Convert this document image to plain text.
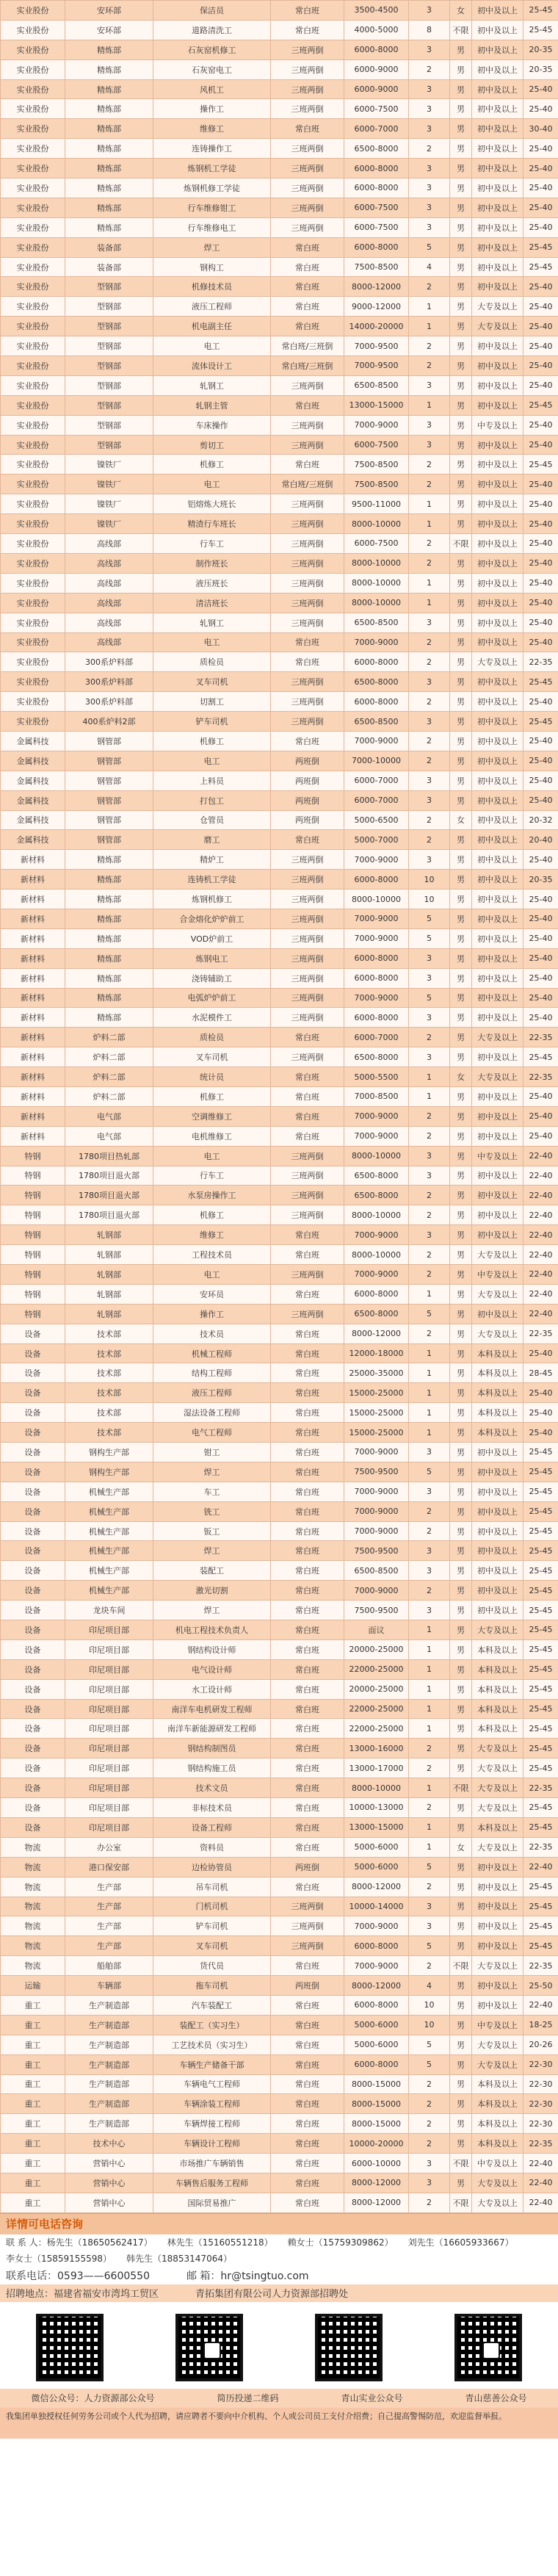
实业股份	安环部	保洁员	常白班	3500-4500	3	女	初中及以上	25-45
实业股份	安环部	道路清洗工	常白班	4000-5000	8	不限	初中及以上	25-45
实业股份	精炼部	石灰窑机修工	三班两倒	6000-8000	3	男	初中及以上	20-35
实业股份	精炼部	石灰窑电工	三班两倒	6000-9000	2	男	初中及以上	20-35
实业股份	精炼部	风机工	三班两倒	6000-9000	3	男	初中及以上	25-40
实业股份	精炼部	操作工	三班两倒	6000-7500	3	男	初中及以上	25-40
实业股份	精炼部	维修工	常白班	6000-7000	3	男	初中及以上	30-40
实业股份	精炼部	连铸操作工	三班两倒	6500-8000	2	男	初中及以上	25-40
实业股份	精炼部	炼钢机工学徒	三班两倒	6000-8000	3	男	初中及以上	25-40
实业股份	精炼部	炼钢机修工学徒	三班两倒	6000-8000	3	男	初中及以上	25-40
实业股份	精炼部	行车维修钳工	三班两倒	6000-7500	3	男	初中及以上	25-40
实业股份	精炼部	行车维修电工	三班两倒	6000-7500	3	男	初中及以上	25-40
实业股份	装备部	焊工	常白班	6000-8000	5	男	初中及以上	25-45
实业股份	装备部	钢构工	常白班	7500-8500	4	男	初中及以上	25-45
实业股份	型钢部	机修技术员	常白班	8000-12000	2	男	初中及以上	25-40
实业股份	型钢部	液压工程师	常白班	9000-12000	1	男	大专及以上	25-40
实业股份	型钢部	机电副主任	常白班	14000-20000	1	男	大专及以上	25-40
实业股份	型钢部	电工	常白班/三班倒	7000-9500	2	男	初中及以上	25-40
实业股份	型钢部	流体设计工	常白班/三班倒	7000-9500	2	男	初中及以上	25-40
实业股份	型钢部	轧钢工	三班两倒	6500-8500	3	男	初中及以上	25-40
实业股份	型钢部	轧钢主管	常白班	13000-15000	1	男	初中及以上	25-45
实业股份	型钢部	车床操作	三班两倒	7000-9000	3	男	中专及以上	25-40
实业股份	型钢部	剪切工	三班两倒	6000-7500	3	男	初中及以上	25-40
实业股份	镍铁厂	机修工	常白班	7500-8500	2	男	初中及以上	25-45
实业股份	镍铁厂	电工	常白班/三班倒	7500-8500	2	男	初中及以上	25-40
实业股份	镍铁厂	铝熔炼大班长	三班两倒	9500-11000	1	男	初中及以上	25-40
实业股份	镍铁厂	精渣行车班长	三班两倒	8000-10000	1	男	初中及以上	25-40
实业股份	高线部	行车工	三班两倒	6000-7500	2	不限	初中及以上	25-40
实业股份	高线部	制作班长	三班两倒	8000-10000	2	男	初中及以上	25-40
实业股份	高线部	液压班长	三班两倒	8000-10000	1	男	初中及以上	25-40
实业股份	高线部	清洁班长	三班两倒	8000-10000	1	男	初中及以上	25-40
实业股份	高线部	轧钢工	三班两倒	6500-8500	3	男	初中及以上	25-40
实业股份	高线部	电工	常白班	7000-9000	2	男	初中及以上	25-40
实业股份	300系炉料部	质检员	常白班	6000-8000	2	男	大专及以上	22-35
实业股份	300系炉料部	叉车司机	三班两倒	6500-8000	3	男	初中及以上	25-45
实业股份	300系炉料部	切割工	三班两倒	6000-8000	2	男	初中及以上	25-40
实业股份	400系炉料2部	铲车司机	三班两倒	6500-8500	3	男	初中及以上	25-45
金属科技	钢管部	机修工	常白班	7000-9000	2	男	初中及以上	25-40
金属科技	钢管部	电工	两班倒	7000-10000	2	男	初中及以上	25-40
金属科技	钢管部	上料员	两班倒	6000-7000	3	男	初中及以上	25-40
金属科技	钢管部	打包工	两班倒	6000-7000	3	男	初中及以上	25-40
金属科技	钢管部	仓管员	两班倒	5000-6500	2	女	初中及以上	20-32
金属科技	钢管部	磨工	常白班	5000-7000	2	男	初中及以上	20-40
新材料	精炼部	精炉工	三班两倒	7000-9000	3	男	初中及以上	25-40
新材料	精炼部	连铸机工学徒	三班两倒	6000-8000	10	男	初中及以上	20-35
新材料	精炼部	炼钢机修工	三班两倒	8000-10000	10	男	初中及以上	25-40
新材料	精炼部	合金熔化炉炉前工	三班两倒	7000-9000	5	男	初中及以上	25-40
新材料	精炼部	VOD炉前工	三班两倒	7000-9000	5	男	初中及以上	25-40
新材料	精炼部	炼钢电工	三班两倒	6000-8000	3	男	初中及以上	25-40
新材料	精炼部	浇铸辅助工	三班两倒	6000-8000	3	男	初中及以上	25-40
新材料	精炼部	电弧炉炉前工	三班两倒	7000-9000	5	男	初中及以上	25-40
新材料	精炼部	水泥模件工	三班两倒	6000-8000	3	男	初中及以上	25-40
新材料	炉料二部	质检员	常白班	6000-7000	2	男	大专及以上	22-35
新材料	炉料二部	叉车司机	三班两倒	6500-8000	3	男	初中及以上	25-45
新材料	炉料二部	统计员	常白班	5000-5500	1	女	大专及以上	22-35
新材料	炉料二部	机修工	常白班	7000-8500	1	男	初中及以上	25-40
新材料	电气部	空调维修工	常白班	7000-9000	2	男	初中及以上	25-40
新材料	电气部	电机维修工	常白班	7000-9000	2	男	初中及以上	25-40
特钢	1780项目热轧部	电工	三班两倒	8000-10000	3	男	中专及以上	22-40
特钢	1780项目退火部	行车工	三班两倒	6500-8000	3	男	初中及以上	22-40
特钢	1780项目退火部	水泵房操作工	三班两倒	6500-8000	2	男	初中及以上	22-40
特钢	1780项目退火部	机修工	三班两倒	8000-10000	2	男	初中及以上	22-40
特钢	轧钢部	维修工	常白班	7000-9000	3	男	初中及以上	22-40
特钢	轧钢部	工程技术员	常白班	8000-10000	2	男	大专及以上	22-40
特钢	轧钢部	电工	三班两倒	7000-9000	2	男	中专及以上	22-40
特钢	轧钢部	安环员	常白班	6000-8000	1	男	大专及以上	22-40
特钢	轧钢部	操作工	三班两倒	6500-8000	5	男	初中及以上	22-40
设备	技术部	技术员	常白班	8000-12000	2	男	大专及以上	22-35
设备	技术部	机械工程师	常白班	12000-18000	1	男	本科及以上	25-40
设备	技术部	结构工程师	常白班	25000-35000	1	男	本科及以上	28-45
设备	技术部	液压工程师	常白班	15000-25000	1	男	本科及以上	25-40
设备	技术部	湿法设备工程师	常白班	15000-25000	1	男	本科及以上	25-40
设备	技术部	电气工程师	常白班	15000-25000	1	男	本科及以上	25-40
设备	钢构生产部	钳工	常白班	7000-9000	3	男	初中及以上	25-45
设备	钢构生产部	焊工	常白班	7500-9500	5	男	初中及以上	25-45
设备	机械生产部	车工	常白班	7000-9000	3	男	初中及以上	25-45
设备	机械生产部	铣工	常白班	7000-9000	2	男	初中及以上	25-45
设备	机械生产部	钣工	常白班	7000-9000	2	男	初中及以上	25-45
设备	机械生产部	焊工	常白班	7500-9500	3	男	初中及以上	25-45
设备	机械生产部	装配工	常白班	6500-8500	3	男	初中及以上	25-45
设备	机械生产部	激光切割	常白班	7000-9000	2	男	初中及以上	25-45
设备	龙块车间	焊工	常白班	7500-9500	3	男	初中及以上	25-45
设备	印尼项目部	机电工程技术负责人	常白班	面议	1	男	大专及以上	25-45
设备	印尼项目部	钢结构设计师	常白班	20000-25000	1	男	本科及以上	25-45
设备	印尼项目部	电气设计师	常白班	22000-25000	1	男	本科及以上	25-45
设备	印尼项目部	水工设计师	常白班	20000-25000	1	男	本科及以上	25-45
设备	印尼项目部	南洋车电机研发工程师	常白班	22000-25000	1	男	本科及以上	25-45
设备	印尼项目部	南洋车新能源研发工程师	常白班	22000-25000	1	男	本科及以上	25-45
设备	印尼项目部	钢结构制图员	常白班	13000-16000	2	男	大专及以上	25-45
设备	印尼项目部	钢结构施工员	常白班	13000-17000	2	男	大专及以上	25-45
设备	印尼项目部	技术文员	常白班	8000-10000	1	不限	大专及以上	22-35
设备	印尼项目部	非标技术员	常白班	10000-13000	2	男	大专及以上	25-45
设备	印尼项目部	设备工程师	常白班	13000-15000	1	男	本科及以上	25-45
物流	办公室	资料员	常白班	5000-6000	1	女	大专及以上	22-35
物流	港口保安部	边检协管员	两班倒	5000-6000	5	男	初中及以上	22-40
物流	生产部	吊车司机	常白班	8000-12000	2	男	初中及以上	25-45
物流	生产部	门机司机	三班两倒	10000-14000	3	男	初中及以上	25-45
物流	生产部	铲车司机	三班两倒	7000-9000	3	男	初中及以上	25-45
物流	生产部	叉车司机	三班两倒	6000-8000	5	男	初中及以上	25-45
物流	船舶部	货代员	常白班	7000-9000	2	不限	大专及以上	22-35
运输	车辆部	拖车司机	两班倒	8000-12000	4	男	初中及以上	25-50
重工	生产制造部	汽车装配工	常白班	6000-8000	10	男	初中及以上	22-40
重工	生产制造部	装配工（实习生）	常白班	5000-6000	10	男	中专及以上	18-25
重工	生产制造部	工艺技术员（实习生）	常白班	5000-6000	5	男	大专及以上	20-26
重工	生产制造部	车辆生产储备干部	常白班	6000-8000	5	男	大专及以上	22-30
重工	生产制造部	车辆电气工程师	常白班	8000-15000	2	男	本科及以上	22-30
重工	生产制造部	车辆涂装工程师	常白班	8000-15000	2	男	本科及以上	22-30
重工	生产制造部	车辆焊接工程师	常白班	8000-15000	2	男	本科及以上	22-30
重工	技术中心	车辆设计工程师	常白班	10000-20000	2	男	本科及以上	22-35
重工	营销中心	市场推广车辆销售	常白班	6000-10000	3	不限	中专及以上	22-40
重工	营销中心	车辆售后服务工程师	常白班	8000-12000	3	男	大专及以上	22-40
重工	营销中心	国际贸易推广	常白班	8000-12000	2	不限	大专及以上	22-40
详情可电话咨询
联 系 人：杨先生（18650562417） 林先生（15160551218） 赖女士（15759309862） 刘先生（16605933667）
李女士（15859155598） 韩先生（18853147064）
联系电话：0593——6600550	邮 箱：hr@tsingtuo.com
招聘地点：福建省福安市湾坞工贸区	青拓集团有限公司人力资源部招聘处
微信公众号：人力资源部公众号	简历投递二维码	青山实业公众号	青山慈善公众号
我集团单独授权任何劳务公司或个人代为招聘，请应聘者不要向中介机构、个人或公司员工支付介绍费；自己提高警惕防范，欢迎监督举报。
